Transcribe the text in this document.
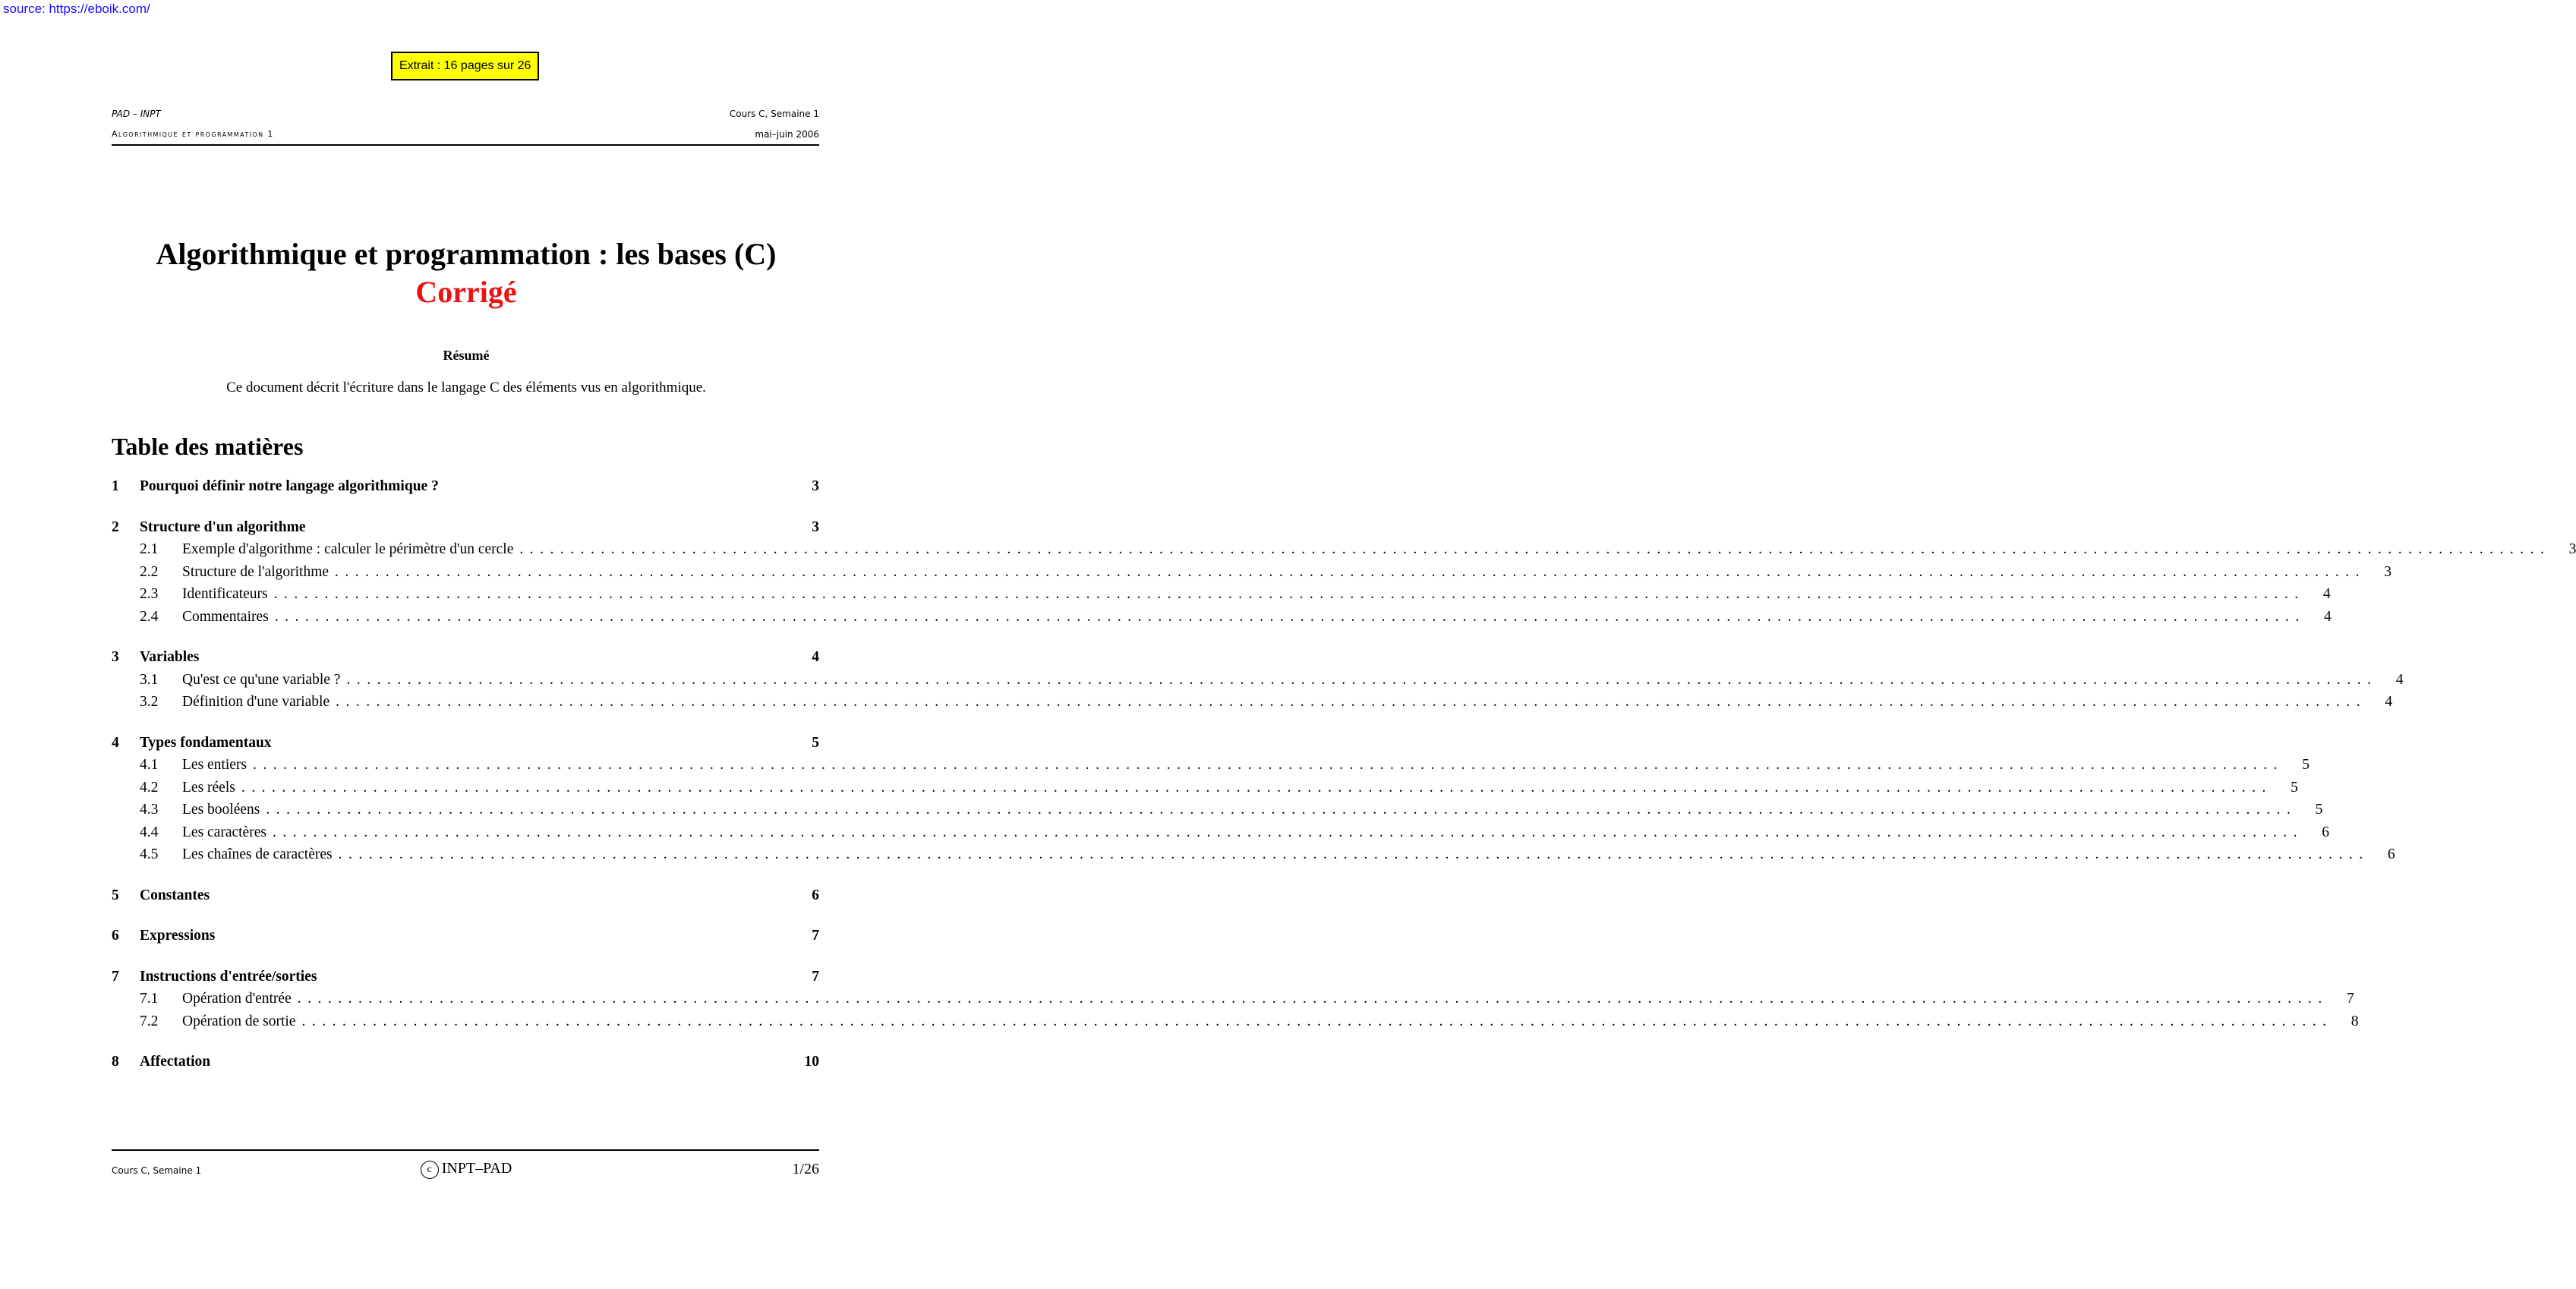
source: https://eboik.com/
Extrait : 16 pages sur 26
PAD – INPT	Cours C, Semaine 1
Algorithmique et programmation 1	mai–juin 2006
Algorithmique et programmation : les bases (C)
Corrigé
Résumé
Ce document décrit l'écriture dans le langage C des éléments vus en algorithmique.
Table des matières
1	Pourquoi définir notre langage algorithmique ?	3
2	Structure d'un algorithme	3
2.1	Exemple d'algorithme : calculer le périmètre d'un cercle ........................................................................................................................................................................................................	3
2.2	Structure de l'algorithme ........................................................................................................................................................................................................	3
2.3	Identificateurs ........................................................................................................................................................................................................	4
2.4	Commentaires ........................................................................................................................................................................................................	4
3	Variables	4
3.1	Qu'est ce qu'une variable ? ........................................................................................................................................................................................................	4
3.2	Définition d'une variable ........................................................................................................................................................................................................	4
4	Types fondamentaux	5
4.1	Les entiers ........................................................................................................................................................................................................	5
4.2	Les réels ........................................................................................................................................................................................................	5
4.3	Les booléens ........................................................................................................................................................................................................	5
4.4	Les caractères ........................................................................................................................................................................................................	6
4.5	Les chaînes de caractères ........................................................................................................................................................................................................	6
5	Constantes	6
6	Expressions	7
7	Instructions d'entrée/sorties	7
7.1	Opération d'entrée ........................................................................................................................................................................................................	7
7.2	Opération de sortie ........................................................................................................................................................................................................	8
8	Affectation	10
Cours C, Semaine 1	c INPT–PAD	1/26
